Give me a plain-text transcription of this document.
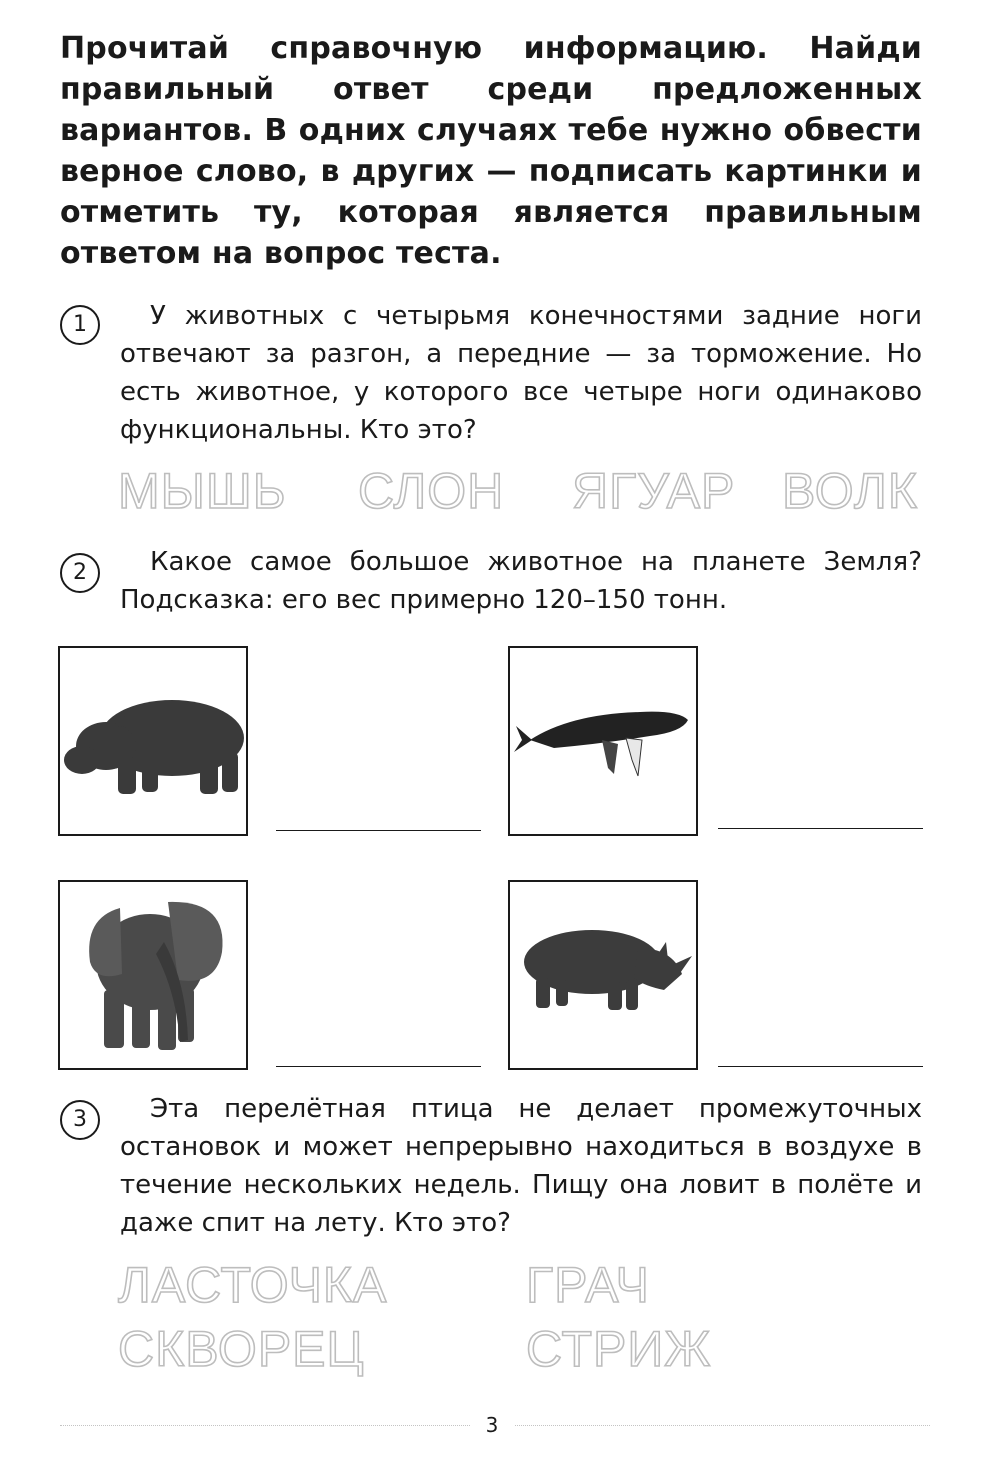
Прочитай справочную информацию. Найди правильный ответ среди предложенных вариантов. В одних случаях тебе нужно обвести верное слово, в других — подписать картинки и отметить ту, которая является правильным ответом на вопрос теста.
1	У животных с четырьмя конечностями задние ноги отвечают за разгон, а передние — за торможение. Но есть животное, у которого все четыре ноги одинаково функциональны. Кто это?
МЫШЬ СЛОН ЯГУАР ВОЛК
2	Какое самое большое животное на планете Земля? Подсказка: его вес примерно 120–150 тонн.
3	Эта перелётная птица не делает промежуточных остановок и может непрерывно находиться в воздухе в течение нескольких недель. Пищу она ловит в полёте и даже спит на лету. Кто это?
ЛАСТОЧКА	ГРАЧ
СКВОРЕЦ	СТРИЖ
3
